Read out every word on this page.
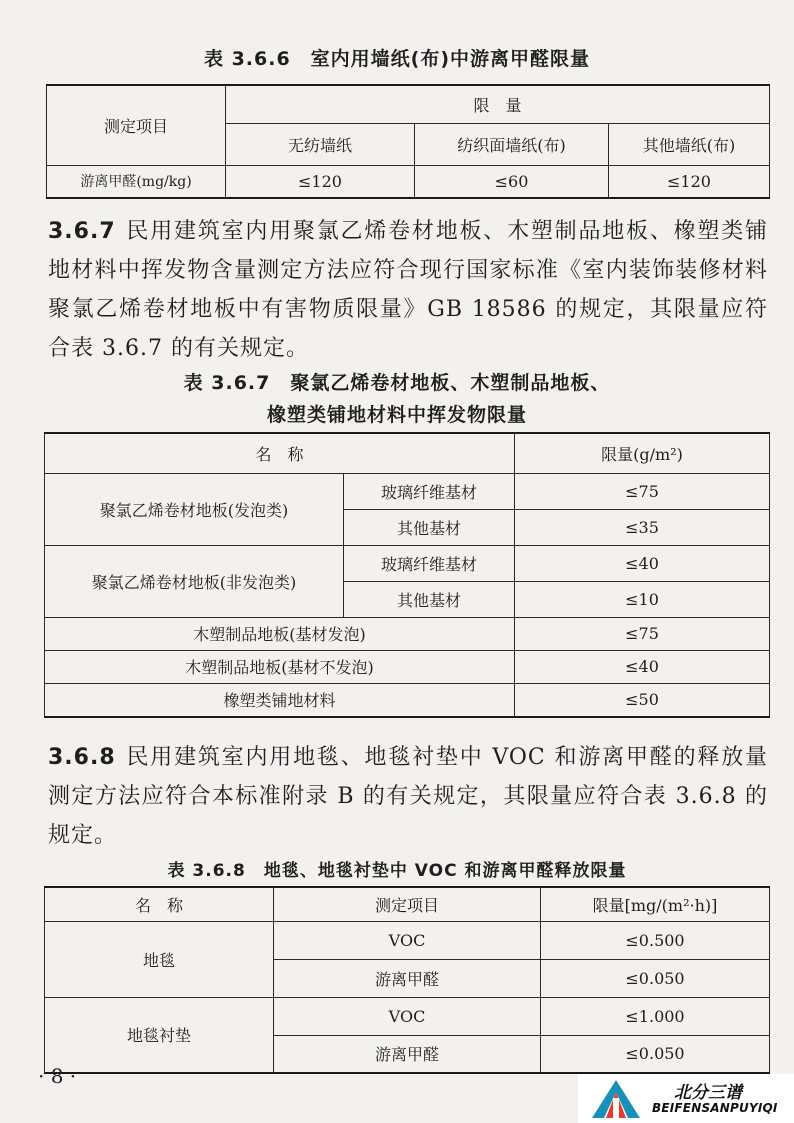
表 3.6.6　室内用墙纸(布)中游离甲醛限量
测定项目	限　量		
	无纺墙纸	纺织面墙纸(布)	其他墙纸(布)
游离甲醛(mg/kg)	≤120	≤60	≤120
3.6.7 民用建筑室内用聚氯乙烯卷材地板、木塑制品地板、橡塑类铺地材料中挥发物含量测定方法应符合现行国家标准《室内装饰装修材料　聚氯乙烯卷材地板中有害物质限量》GB 18586 的规定，其限量应符合表 3.6.7 的有关规定。
表 3.6.7　聚氯乙烯卷材地板、木塑制品地板、
橡塑类铺地材料中挥发物限量
名　称		限量(g/m²)
聚氯乙烯卷材地板(发泡类)	玻璃纤维基材	≤75
	其他基材	≤35
聚氯乙烯卷材地板(非发泡类)	玻璃纤维基材	≤40
	其他基材	≤10
木塑制品地板(基材发泡)		≤75
木塑制品地板(基材不发泡)		≤40
橡塑类铺地材料		≤50
3.6.8 民用建筑室内用地毯、地毯衬垫中 VOC 和游离甲醛的释放量测定方法应符合本标准附录 B 的有关规定，其限量应符合表 3.6.8 的规定。
表 3.6.8　地毯、地毯衬垫中 VOC 和游离甲醛释放限量
名　称	测定项目	限量[mg/(m²·h)]
地毯	VOC	≤0.500
	游离甲醛	≤0.050
地毯衬垫	VOC	≤1.000
	游离甲醛	≤0.050
· 8 ·
北分三谱
BEIFENSANPUYIQI
